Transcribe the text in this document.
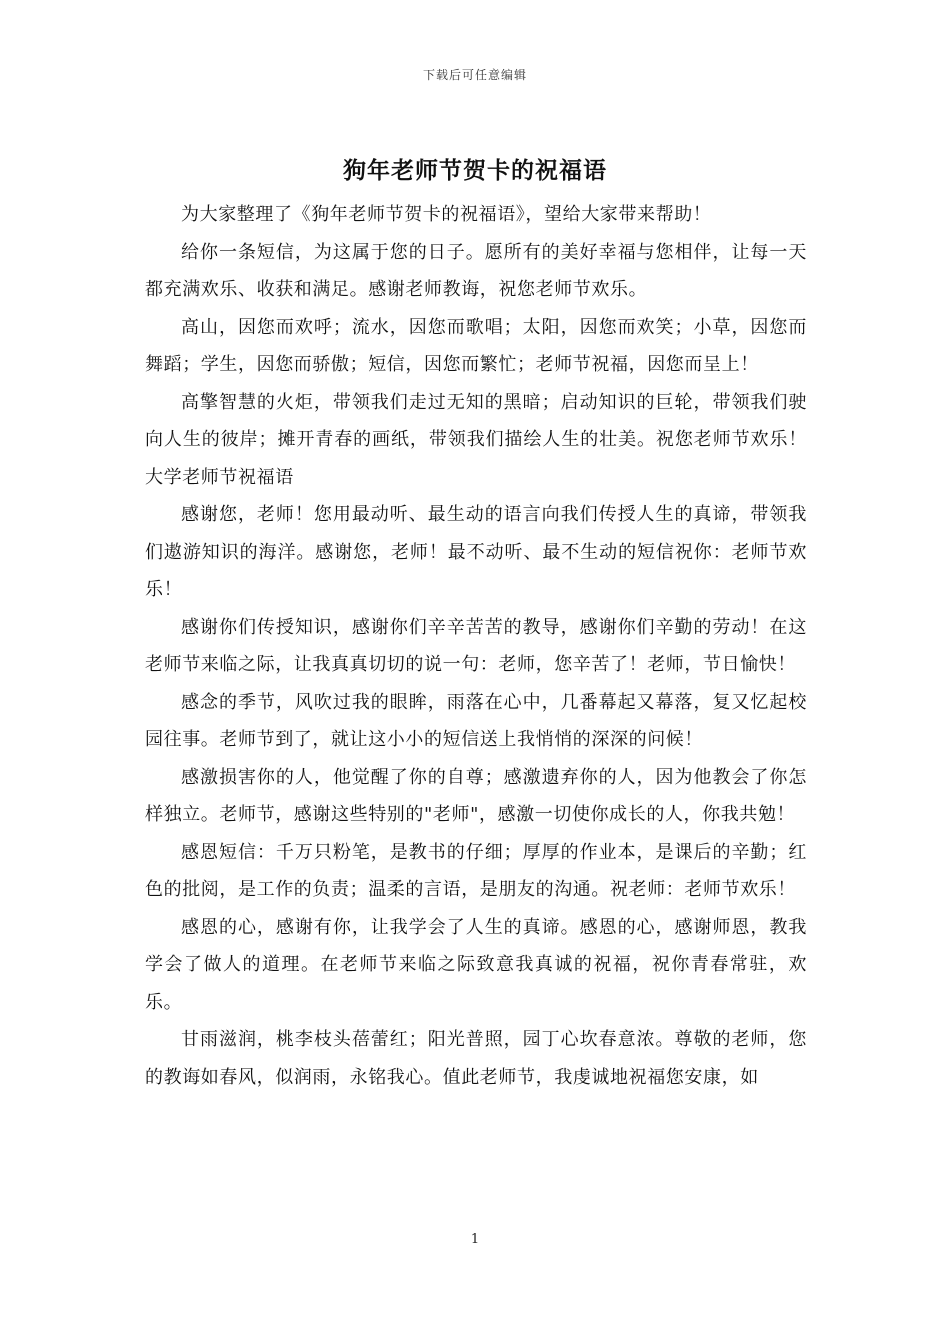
下载后可任意编辑
狗年老师节贺卡的祝福语

为大家整理了《狗年老师节贺卡的祝福语》，望给大家带来帮助！

给你一条短信，为这属于您的日子。愿所有的美好幸福与您相伴，让每一天都充满欢乐、收获和满足。感谢老师教诲，祝您老师节欢乐。

高山，因您而欢呼；流水，因您而歌唱；太阳，因您而欢笑；小草，因您而舞蹈；学生，因您而骄傲；短信，因您而繁忙；老师节祝福，因您而呈上！

高擎智慧的火炬，带领我们走过无知的黑暗；启动知识的巨轮，带领我们驶向人生的彼岸；摊开青春的画纸，带领我们描绘人生的壮美。祝您老师节欢乐！大学老师节祝福语

感谢您，老师！您用最动听、最生动的语言向我们传授人生的真谛，带领我们遨游知识的海洋。感谢您，老师！最不动听、最不生动的短信祝你：老师节欢乐！

感谢你们传授知识，感谢你们辛辛苦苦的教导，感谢你们辛勤的劳动！在这老师节来临之际，让我真真切切的说一句：老师，您辛苦了！老师，节日愉快！

感念的季节，风吹过我的眼眸，雨落在心中，几番幕起又幕落，复又忆起校园往事。老师节到了，就让这小小的短信送上我悄悄的深深的问候！

感激损害你的人，他觉醒了你的自尊；感激遗弃你的人，因为他教会了你怎样独立。老师节，感谢这些特别的"老师"，感激一切使你成长的人，你我共勉！

感恩短信：千万只粉笔，是教书的仔细；厚厚的作业本，是课后的辛勤；红色的批阅，是工作的负责；温柔的言语，是朋友的沟通。祝老师：老师节欢乐！

感恩的心，感谢有你，让我学会了人生的真谛。感恩的心，感谢师恩，教我学会了做人的道理。在老师节来临之际致意我真诚的祝福，祝你青春常驻，欢乐。

甘雨滋润，桃李枝头蓓蕾红；阳光普照，园丁心坎春意浓。尊敬的老师，您的教诲如春风，似润雨，永铭我心。值此老师节，我虔诚地祝福您安康，如

1
